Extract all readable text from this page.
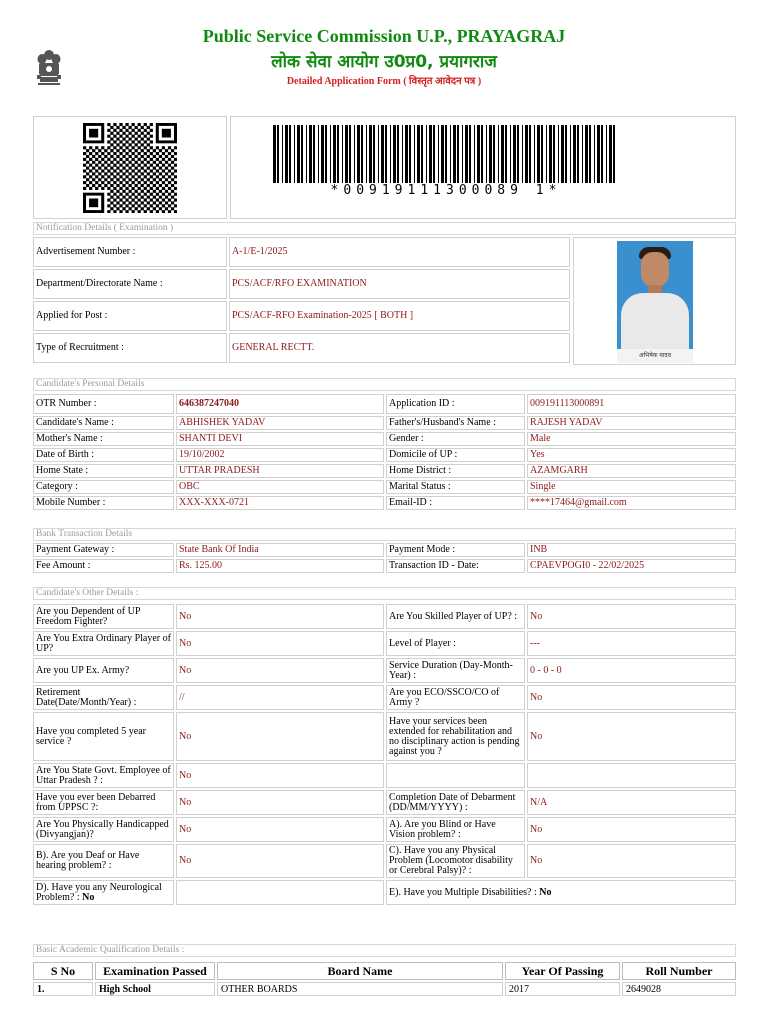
Public Service Commission U.P., PRAYAGRAJ
लोक सेवा आयोग उ0प्र0, प्रयागराज
Detailed Application Form ( विस्तृत आवेदन पत्र )
*00919111300089 1*
Notification Details ( Examination )
Advertisement Number :	A-1/E-1/2025
Department/Directorate Name :	PCS/ACF/RFO EXAMINATION
Applied for Post :	PCS/ACF-RFO Examination-2025 [ BOTH ]
Type of Recruitment :	GENERAL RECTT.
अभिषेक यादव
Candidate's Personal Details
OTR Number :	646387247040	Application ID :	009191113000891
Candidate's Name :	ABHISHEK YADAV	Father's/Husband's Name :	RAJESH YADAV
Mother's Name :	SHANTI DEVI	Gender :	Male
Date of Birth :	19/10/2002	Domicile of UP :	Yes
Home State :	UTTAR PRADESH	Home District :	AZAMGARH
Category :	OBC	Marital Status :	Single
Mobile Number :	XXX-XXX-0721	Email-ID :	****17464@gmail.com
Bank Transaction Details
Payment Gateway :	State Bank Of India	Payment Mode :	INB
Fee Amount :	Rs. 125.00	Transaction ID - Date:	CPAEVPOGI0 - 22/02/2025
Candidate's Other Details :
Are you Dependent of UP Freedom Fighter?	No	Are You Skilled Player of UP? :	No
Are You Extra Ordinary Player of UP?	No	Level of Player :	---
Are you UP Ex. Army?	No	Service Duration (Day-Month-Year) :	0 - 0 - 0
Retirement Date(Date/Month/Year) :	//	Are you ECO/SSCO/CO of Army ?	No
Have you completed 5 year service ?	No	Have your services been extended for rehabilitation and no disciplinary action is pending against you ?	No
Are You State Govt. Employee of Uttar Pradesh ? :	No		
Have you ever been Debarred from UPPSC ?:	No	Completion Date of Debarment (DD/MM/YYYY) :	N/A
Are You Physically Handicapped (Divyangjan)?	No	A). Are you Blind or Have Vision problem? :	No
B). Are you Deaf or Have hearing problem? :	No	C). Have you any Physical Problem (Locomotor disability or Cerebral Palsy)? :	No
D). Have you any Neurological Problem? : No		E). Have you Multiple Disabilities? : No	
Basic Academic Qualification Details :
S No	Examination Passed	Board Name	Year Of Passing	Roll Number
1.	High School	OTHER BOARDS	2017	2649028
